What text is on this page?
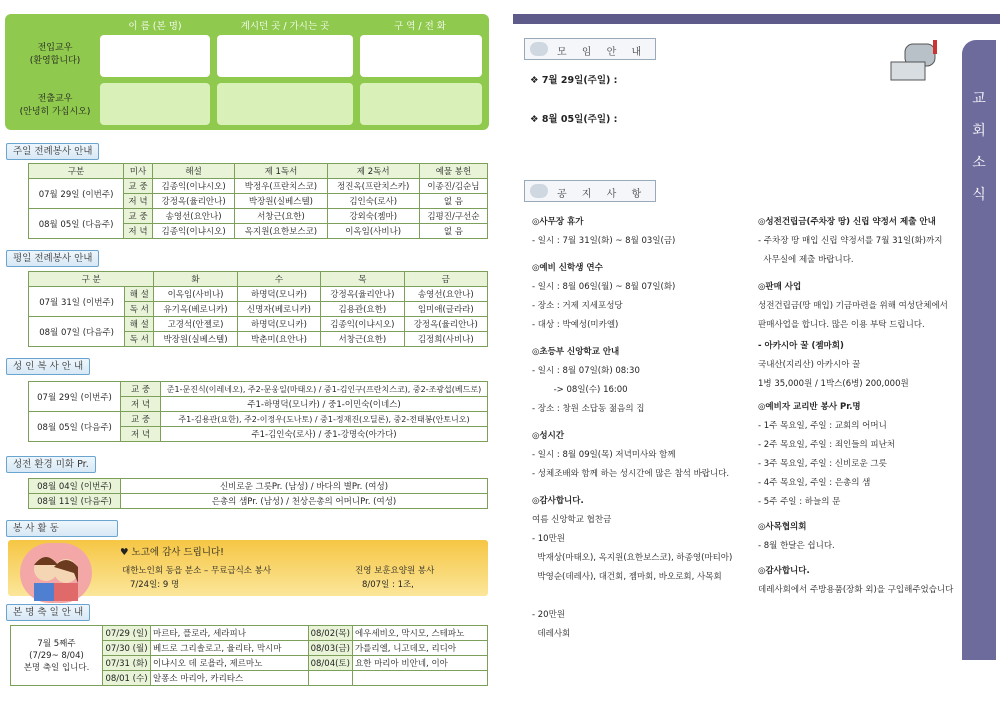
이 름 (본 명)	계시던 곳 / 가시는 곳	구 역 / 전 화
전입교우
(환영합니다)
전출교우
(안녕히 가십시오)
주일 전례봉사 안내
구분	미사	해설	제 1독서	제 2독서	예물 봉헌
07월 29일 (이번주)	교 중	김종익(이냐시오)	박정우(프란치스코)	정진옥(프란치스카)	이종진/김순님
	저 녁	강정옥(율리안나)	박장원(실베스텔)	김인숙(로사)	없 음
08월 05일 (다음주)	교 중	송영선(요안나)	서창근(요한)	강외숙(젬마)	김평진/구선순
	저 녁	김종익(이냐시오)	옥지원(요한보스코)	이옥임(사비나)	없 음
평일 전례봉사 안내
구 분		화	수	목	금
07월 31일 (이번주)	해 설	이옥임(사비나)	하명덕(모니카)	강정옥(율리안나)	송영선(요안나)
	독 서	유기옥(베로니카)	신명자(베로니카)	김용관(요한)	임미애(글라라)
08월 07일 (다음주)	해 설	고경석(안젤로)	하명덕(모니카)	김종익(이냐시오)	강정옥(율리안나)
	독 서	박장원(실베스텔)	박춘미(요안나)	서창근(요한)	김정희(사비나)
성 인 복 사 안 내
07월 29일 (이번주)	교 중	준1-문진식(이레네오), 주2-문웅일(마태오) / 중1-김인구(프란치스코), 중2-조광섭(베드로)
	저 녁	주1-하명덕(모니카) / 중1-이민숙(이네스)
08월 05일 (다음주)	교 중	주1-김용관(요한), 주2-이정우(도나토) / 중1-정재진(오딜론), 중2-전태봉(안토니오)
	저 녁	주1-김인숙(로사) / 중1-강명숙(아가다)
성전 환경 미화 Pr.
08월 04일 (이번주)	신비로운 그릇Pr. (남성) / 바다의 별Pr. (여성)
08월 11일 (다음주)	은총의 샘Pr. (남성) / 천상은총의 어머니Pr. (여성)
봉 사 활 동
♥ 노고에 감사 드립니다!
대한노인회 동읍 분소 – 무료급식소 봉사
7/24일: 9 명
진영 보훈요양원 봉사
8/07일 : 1조,
본 명 축 일 안 내
7월 5째주
(7/29~ 8/04)
본명 축일 입니다.	07/29 (일)	마르타, 플로라, 세라피나	08/02(목)	에우세비오, 막시모, 스테파노
	07/30 (월)	베드로 그리솔로고, 율리타, 막시마	08/03(금)	가를리엘, 니고데모, 리디아
	07/31 (화)	이냐시오 데 로욜라, 제르마노	08/04(토)	요한 마리아 비안네, 이아
	08/01 (수)	알퐁소 마리아, 카리타스		
교
회
소
식
모 임 안 내
❖ 7월 29일(주일) :
❖ 8월 05일(주일) :
공 지 사 항
◎사무장 휴가
- 일시 : 7월 31일(화) ~ 8월 03일(금)
◎예비 신학생 연수
- 일시 : 8월 06일(월) ~ 8월 07일(화)
- 장소 : 거제 지세포성당
- 대상 : 박예성(미카엘)
◎초등부 신앙학교 안내
- 일시 : 8월 07일(화) 08:30
-> 08일(수) 16:00
- 장소 : 창원 소답동 젊음의 집
◎성시간
- 일시 : 8월 09일(목) 저녁미사와 함께
- 성체조배와 함께 하는 성시간에 많은 참석 바랍니다.
◎감사합니다.
여름 신앙학교 협찬금
- 10만원
박재상(마태오), 옥지원(요한보스코), 하종영(마티아)
박영순(데레사), 대건회, 젬마회, 바오로회, 사목회
- 20만원
데레사회
◎성전건립금(주차장 땅) 신립 약정서 제출 안내
- 주차장 땅 매입 신립 약정서를 7월 31일(화)까지
사무실에 제출 바랍니다.
◎판매 사업
성전건립금(땅 매입) 기금마련을 위해 여성단체에서
판매사업을 합니다. 많은 이용 부탁 드립니다.
- 아카시아 꿀 (젬마회)
국내산(지리산) 아카시아 꿀
1병 35,000원 / 1박스(6병) 200,000원
◎예비자 교리반 봉사 Pr.명
- 1주 목요일, 주일 : 교회의 어머니
- 2주 목요일, 주일 : 죄인들의 피난처
- 3주 목요일, 주일 : 신비로운 그릇
- 4주 목요일, 주일 : 은총의 샘
- 5주 주일 : 하늘의 문
◎사목협의회
- 8월 한달은 쉽니다.
◎감사합니다.
데레사회에서 주방용품(장화 외)을 구입해주었습니다
